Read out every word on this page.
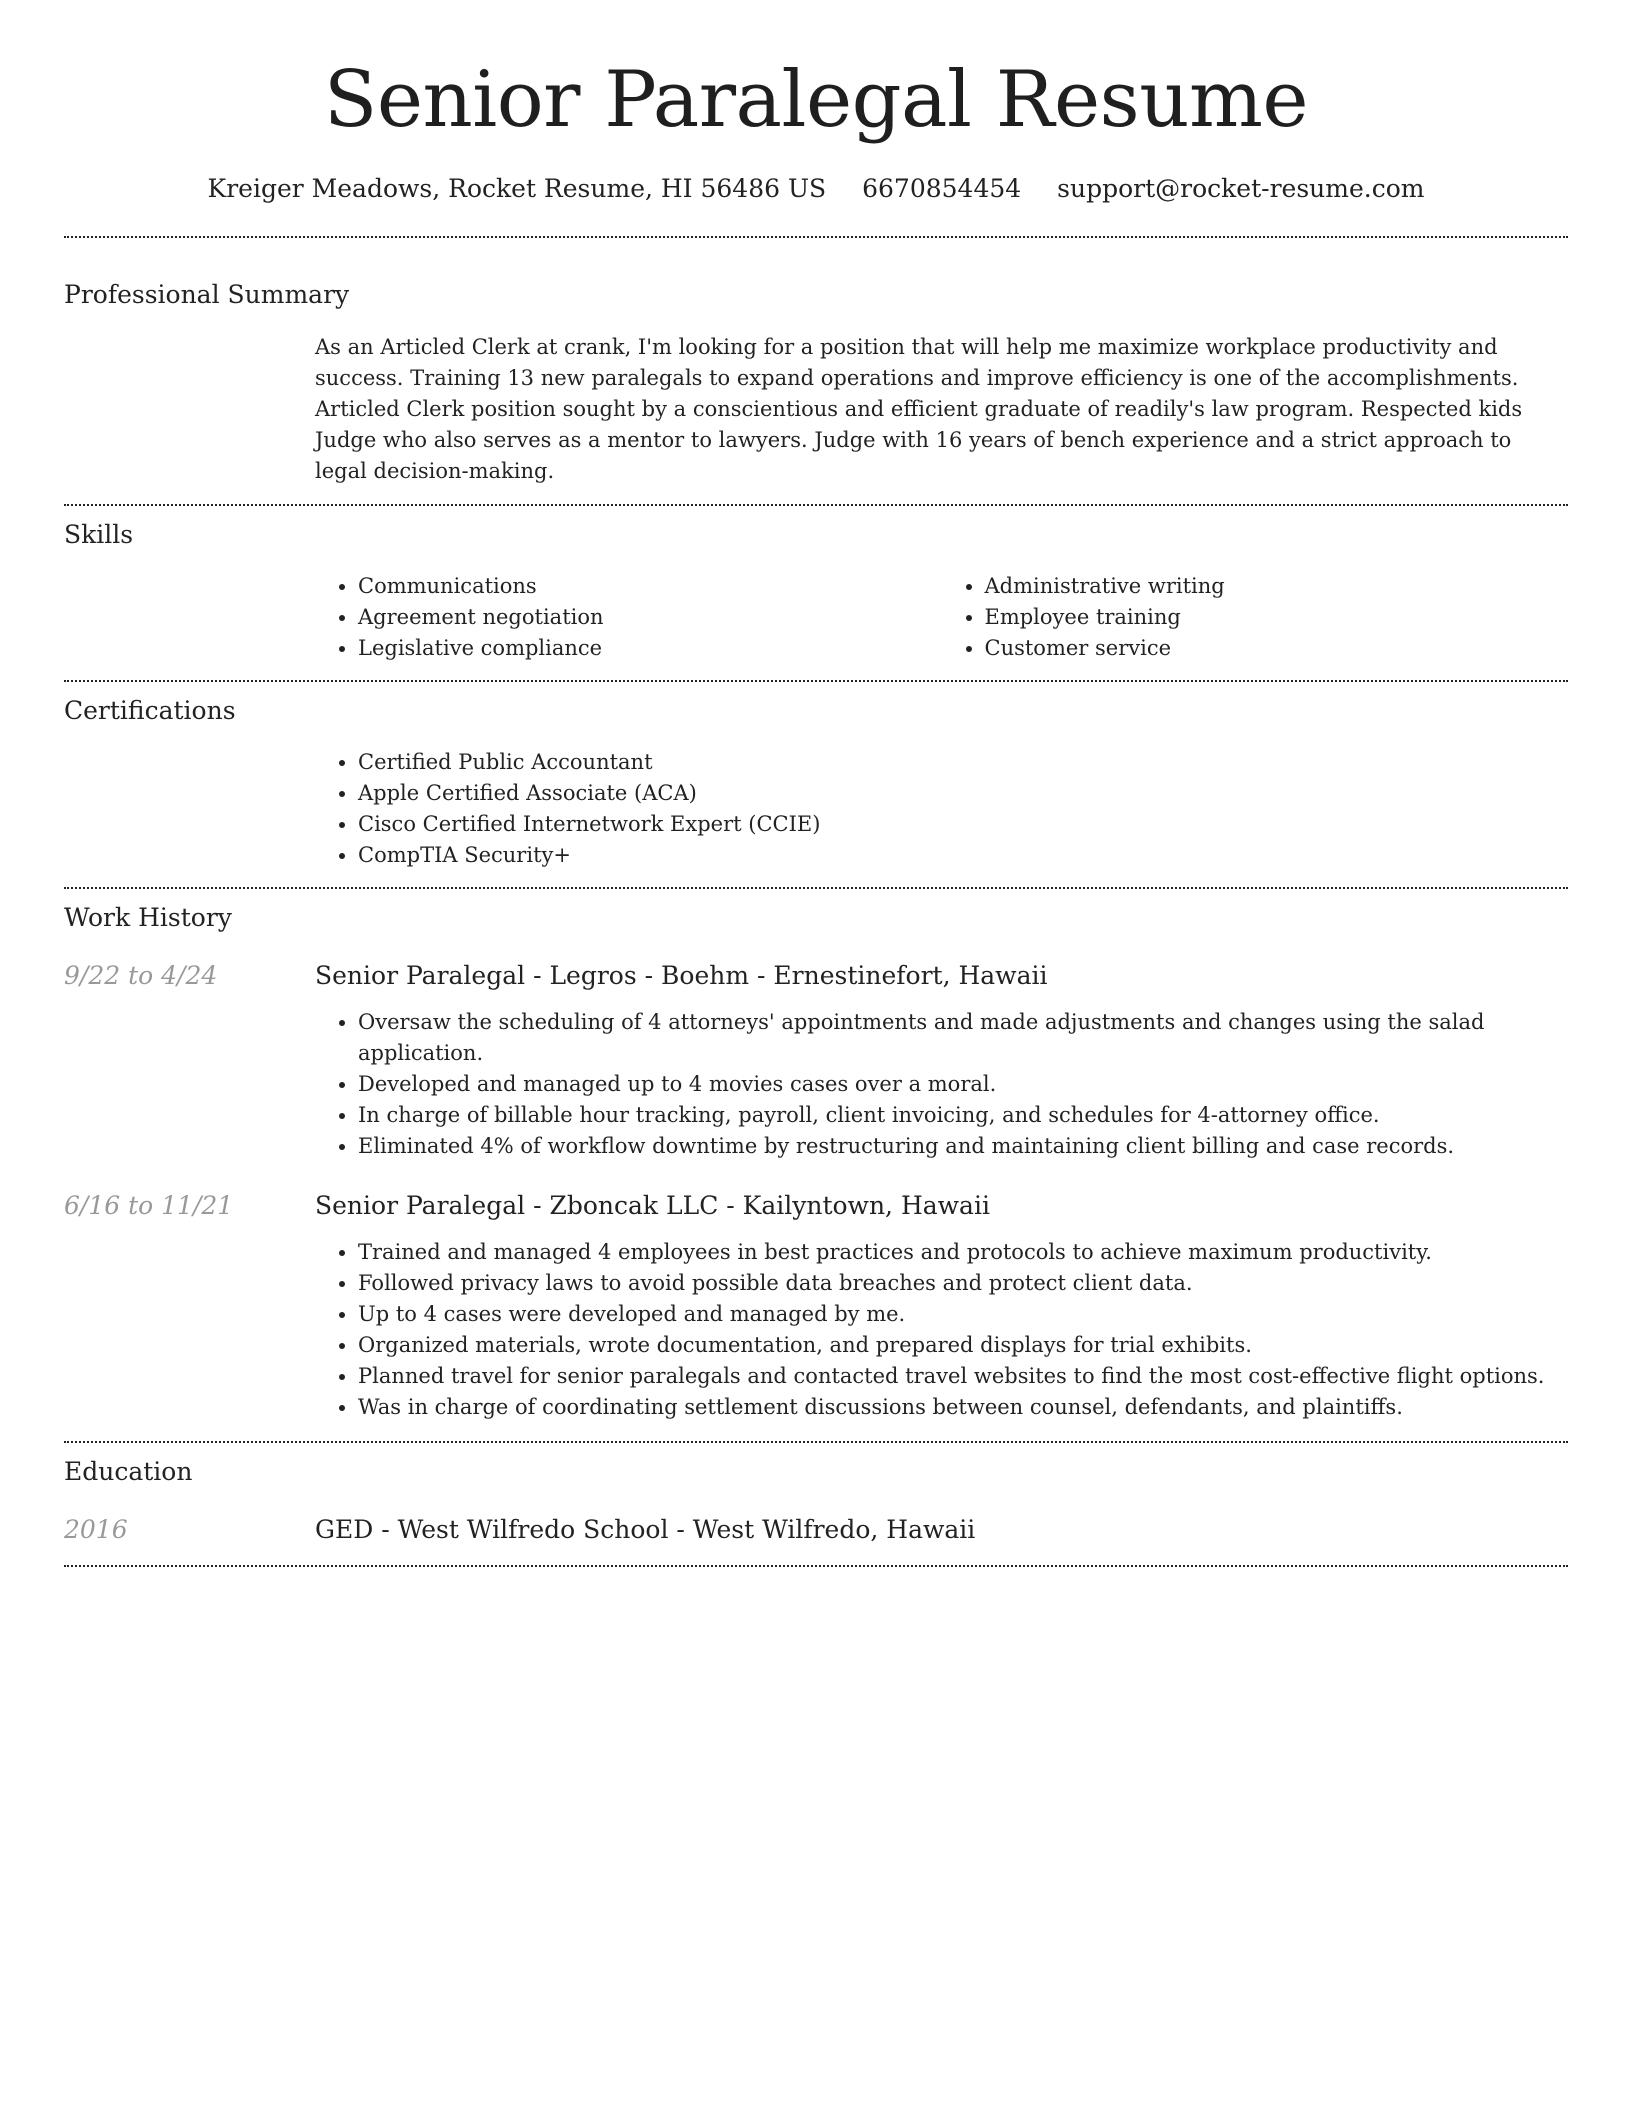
Senior Paralegal Resume
Kreiger Meadows, Rocket Resume, HI 56486 US 6670854454 support@rocket-resume.com
Professional Summary

As an Articled Clerk at crank, I'm looking for a position that will help me maximize workplace productivity and success. Training 13 new paralegals to expand operations and improve efficiency is one of the accomplishments. Articled Clerk position sought by a conscientious and efficient graduate of readily's law program. Respected kids Judge who also serves as a mentor to lawyers. Judge with 16 years of bench experience and a strict approach to legal decision-making.

Skills
• Communications
• Agreement negotiation
• Legislative compliance
• Administrative writing
• Employee training
• Customer service
Certifications
• Certified Public Accountant
• Apple Certified Associate (ACA)
• Cisco Certified Internetwork Expert (CCIE)
• CompTIA Security+
Work History
9/22 to 4/24	Senior Paralegal - Legros - Boehm - Ernestinefort, Hawaii
• Oversaw the scheduling of 4 attorneys' appointments and made adjustments and changes using the salad application.
• Developed and managed up to 4 movies cases over a moral.
• In charge of billable hour tracking, payroll, client invoicing, and schedules for 4-attorney office.
• Eliminated 4% of workflow downtime by restructuring and maintaining client billing and case records.
6/16 to 11/21	Senior Paralegal - Zboncak LLC - Kailyntown, Hawaii
• Trained and managed 4 employees in best practices and protocols to achieve maximum productivity.
• Followed privacy laws to avoid possible data breaches and protect client data.
• Up to 4 cases were developed and managed by me.
• Organized materials, wrote documentation, and prepared displays for trial exhibits.
• Planned travel for senior paralegals and contacted travel websites to find the most cost-effective flight options.
• Was in charge of coordinating settlement discussions between counsel, defendants, and plaintiffs.
Education
2016	GED - West Wilfredo School - West Wilfredo, Hawaii
